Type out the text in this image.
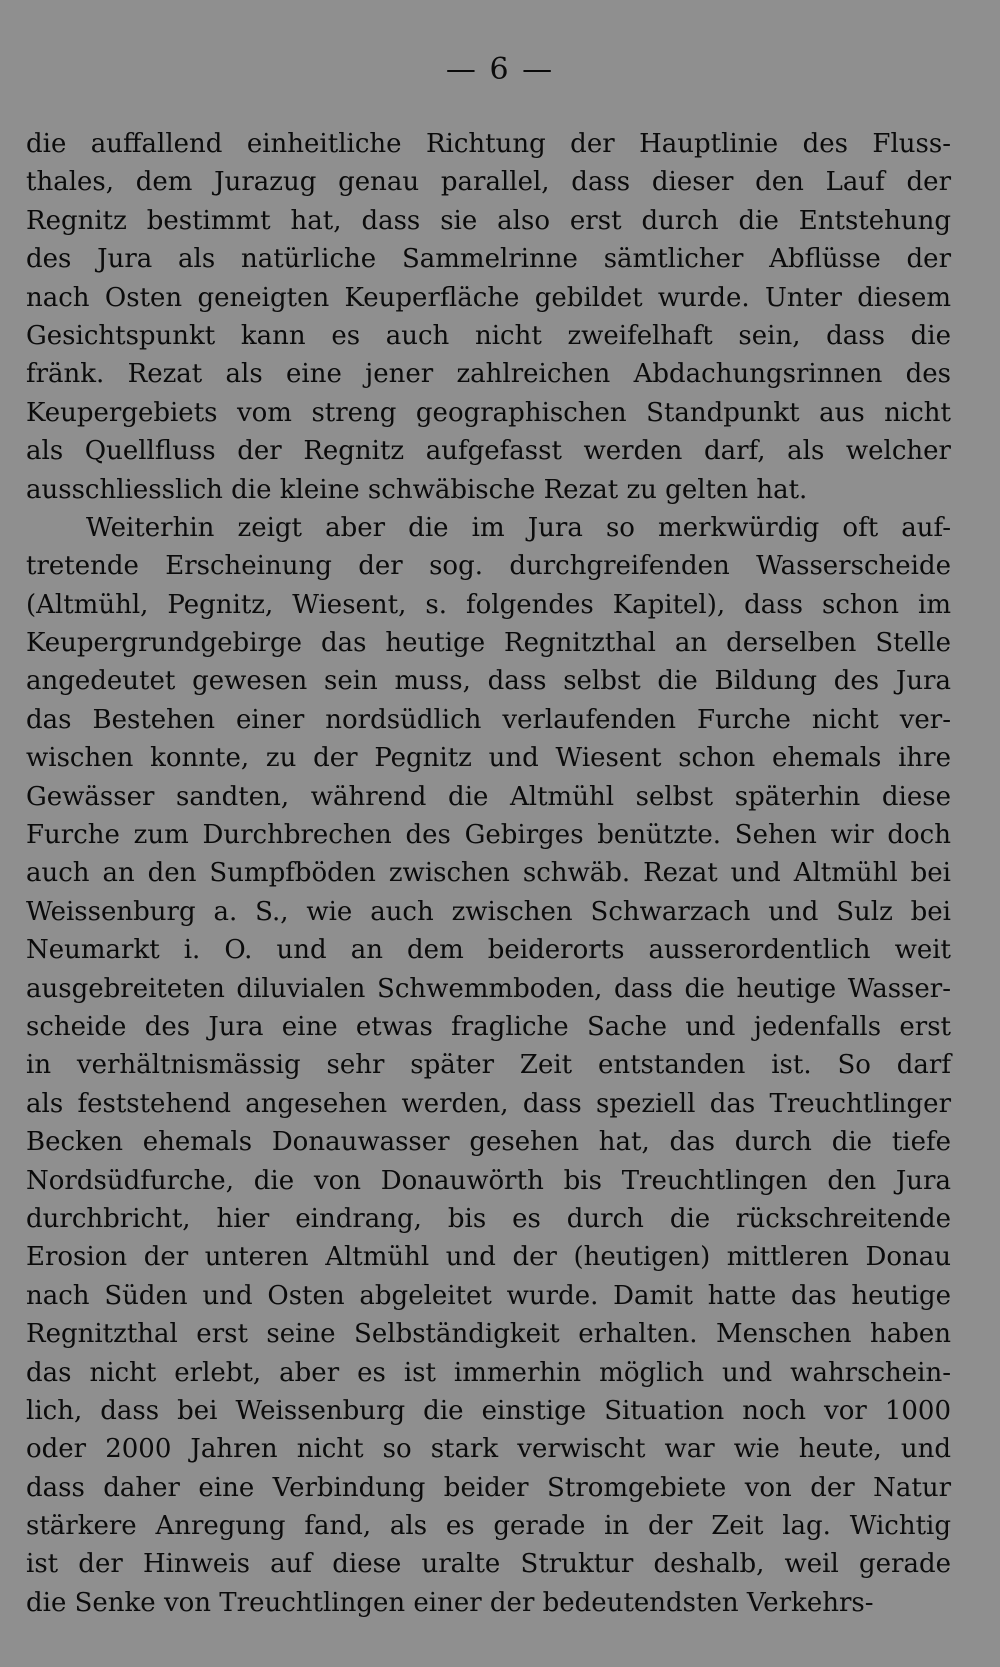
— 6 —
die auffallend einheitliche Richtung der Hauptlinie des Fluss-
thales, dem Jurazug genau parallel, dass dieser den Lauf der
Regnitz bestimmt hat, dass sie also erst durch die Entstehung
des Jura als natürliche Sammelrinne sämtlicher Abflüsse der
nach Osten geneigten Keuperfläche gebildet wurde. Unter diesem
Gesichtspunkt kann es auch nicht zweifelhaft sein, dass die
fränk. Rezat als eine jener zahlreichen Abdachungsrinnen des
Keupergebiets vom streng geographischen Standpunkt aus nicht
als Quellfluss der Regnitz aufgefasst werden darf, als welcher
ausschliesslich die kleine schwäbische Rezat zu gelten hat.
Weiterhin zeigt aber die im Jura so merkwürdig oft auf-
tretende Erscheinung der sog. durchgreifenden Wasserscheide
(Altmühl, Pegnitz, Wiesent, s. folgendes Kapitel), dass schon im
Keupergrundgebirge das heutige Regnitzthal an derselben Stelle
angedeutet gewesen sein muss, dass selbst die Bildung des Jura
das Bestehen einer nordsüdlich verlaufenden Furche nicht ver-
wischen konnte, zu der Pegnitz und Wiesent schon ehemals ihre
Gewässer sandten, während die Altmühl selbst späterhin diese
Furche zum Durchbrechen des Gebirges benützte. Sehen wir doch
auch an den Sumpfböden zwischen schwäb. Rezat und Altmühl bei
Weissenburg a. S., wie auch zwischen Schwarzach und Sulz bei
Neumarkt i. O. und an dem beiderorts ausserordentlich weit
ausgebreiteten diluvialen Schwemmboden, dass die heutige Wasser-
scheide des Jura eine etwas fragliche Sache und jedenfalls erst
in verhältnismässig sehr später Zeit entstanden ist. So darf
als feststehend angesehen werden, dass speziell das Treuchtlinger
Becken ehemals Donauwasser gesehen hat, das durch die tiefe
Nordsüdfurche, die von Donauwörth bis Treuchtlingen den Jura
durchbricht, hier eindrang, bis es durch die rückschreitende
Erosion der unteren Altmühl und der (heutigen) mittleren Donau
nach Süden und Osten abgeleitet wurde. Damit hatte das heutige
Regnitzthal erst seine Selbständigkeit erhalten. Menschen haben
das nicht erlebt, aber es ist immerhin möglich und wahrschein-
lich, dass bei Weissenburg die einstige Situation noch vor 1000
oder 2000 Jahren nicht so stark verwischt war wie heute, und
dass daher eine Verbindung beider Stromgebiete von der Natur
stärkere Anregung fand, als es gerade in der Zeit lag. Wichtig
ist der Hinweis auf diese uralte Struktur deshalb, weil gerade
die Senke von Treuchtlingen einer der bedeutendsten Verkehrs-
